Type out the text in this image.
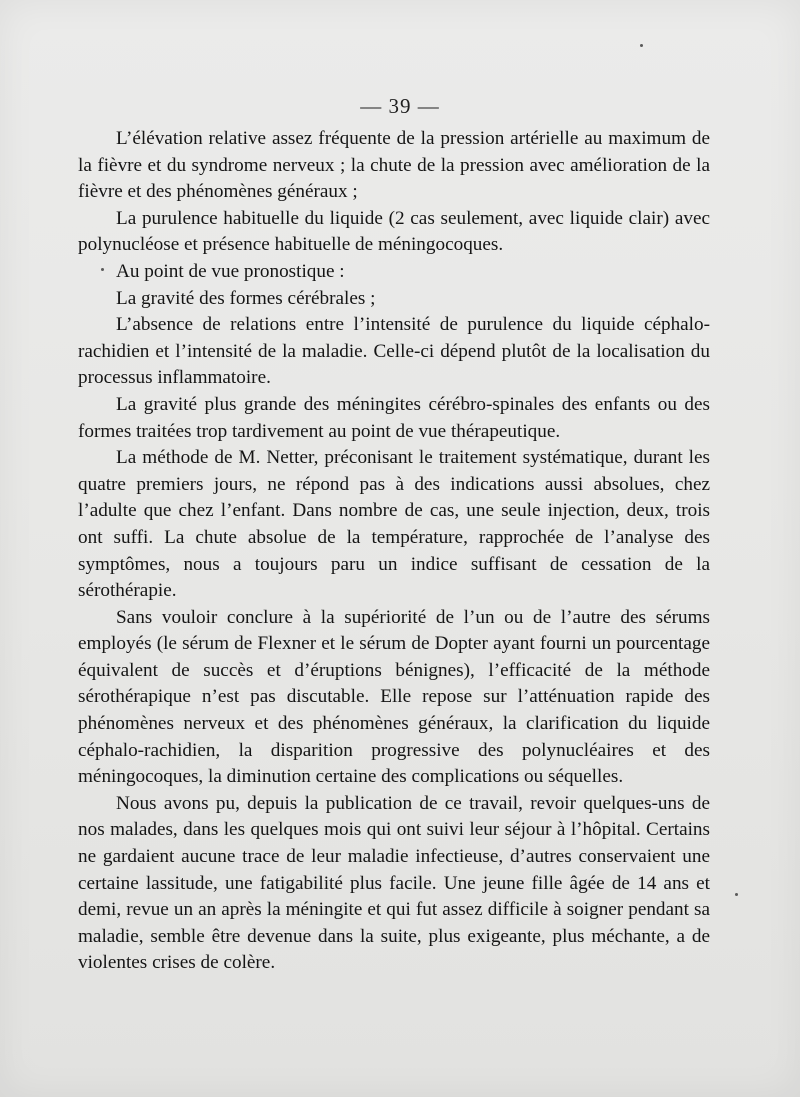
— 39 —

L’élévation relative assez fréquente de la pression artérielle au maximum de la fièvre et du syndrome nerveux ; la chute de la pression avec amélioration de la fièvre et des phénomènes généraux ;

La purulence habituelle du liquide (2 cas seulement, avec liquide clair) avec polynucléose et présence habituelle de méningocoques.

Au point de vue pronostique :

La gravité des formes cérébrales ;

L’absence de relations entre l’intensité de purulence du liquide céphalo-rachidien et l’intensité de la maladie. Celle-ci dépend plutôt de la localisation du processus inflammatoire.

La gravité plus grande des méningites cérébro-spinales des enfants ou des formes traitées trop tardivement au point de vue thérapeutique.

La méthode de M. Netter, préconisant le traitement systématique, durant les quatre premiers jours, ne répond pas à des indications aussi absolues, chez l’adulte que chez l’enfant. Dans nombre de cas, une seule injection, deux, trois ont suffi. La chute absolue de la température, rapprochée de l’analyse des symptômes, nous a toujours paru un indice suffisant de cessation de la sérothérapie.

Sans vouloir conclure à la supériorité de l’un ou de l’autre des sérums employés (le sérum de Flexner et le sérum de Dopter ayant fourni un pourcentage équivalent de succès et d’éruptions bénignes), l’efficacité de la méthode sérothérapique n’est pas discutable. Elle repose sur l’atténuation rapide des phénomènes nerveux et des phénomènes généraux, la clarification du liquide céphalo-rachidien, la disparition progressive des polynucléaires et des méningocoques, la diminution certaine des complications ou séquelles.

Nous avons pu, depuis la publication de ce travail, revoir quelques-uns de nos malades, dans les quelques mois qui ont suivi leur séjour à l’hôpital. Certains ne gardaient aucune trace de leur maladie infectieuse, d’autres conservaient une certaine lassitude, une fatigabilité plus facile. Une jeune fille âgée de 14 ans et demi, revue un an après la méningite et qui fut assez difficile à soigner pendant sa maladie, semble être devenue dans la suite, plus exigeante, plus méchante, a de violentes crises de colère.
